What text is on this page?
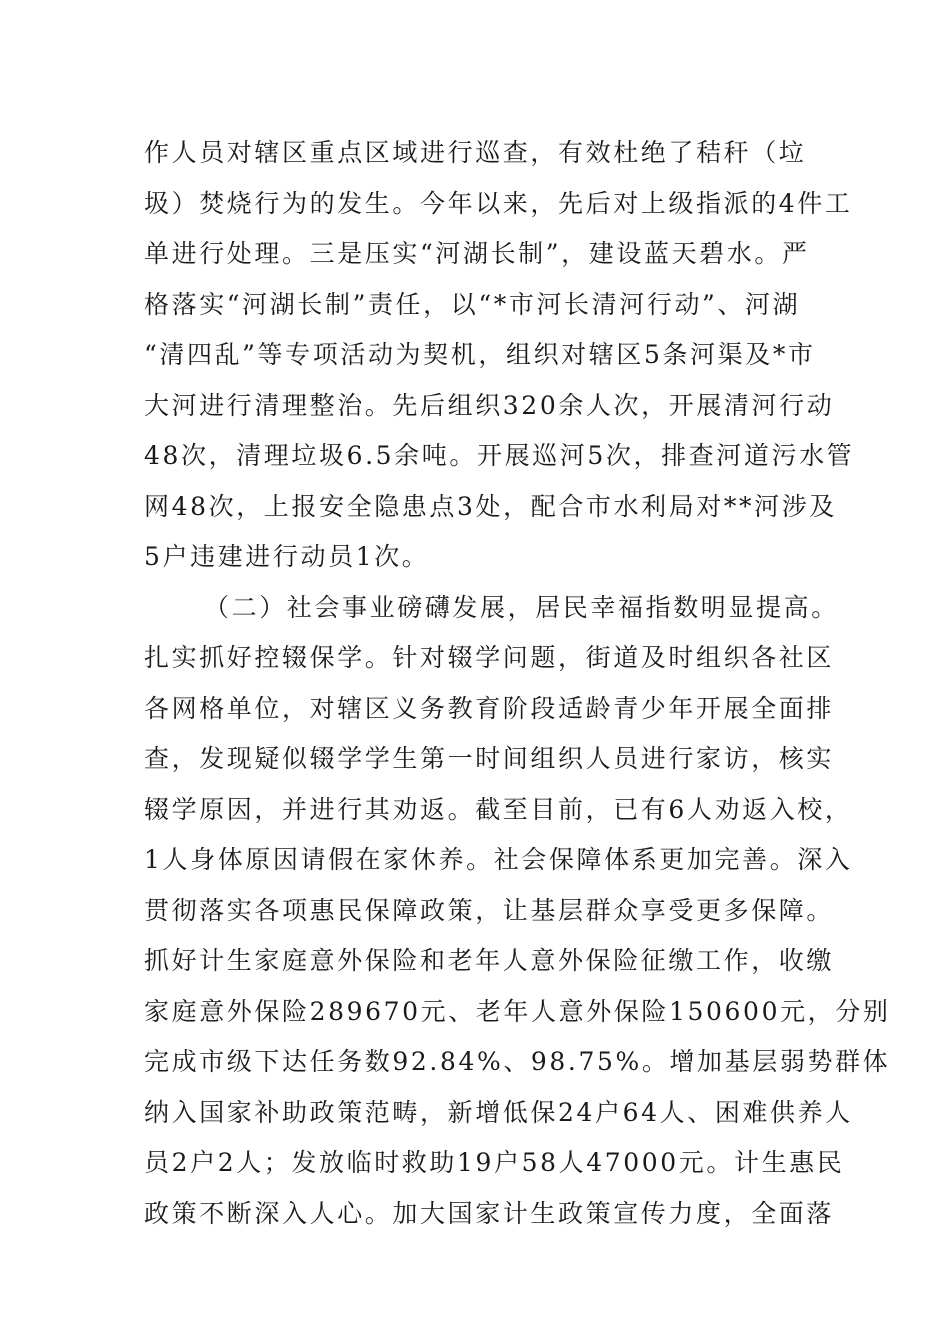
作人员对辖区重点区域进行巡查，有效杜绝了秸秆（垃
圾）焚烧行为的发生。今年以来，先后对上级指派的4件工
单进行处理。三是压实“河湖长制”，建设蓝天碧水。严
格落实“河湖长制”责任，以“*市河长清河行动”、河湖
“清四乱”等专项活动为契机，组织对辖区5条河渠及*市
大河进行清理整治。先后组织320余人次，开展清河行动
48次，清理垃圾6.5余吨。开展巡河5次，排查河道污水管
网48次，上报安全隐患点3处，配合市水利局对**河涉及
5户违建进行动员1次。
（二）社会事业磅礴发展，居民幸福指数明显提高。
扎实抓好控辍保学。针对辍学问题，街道及时组织各社区
各网格单位，对辖区义务教育阶段适龄青少年开展全面排
查，发现疑似辍学学生第一时间组织人员进行家访，核实
辍学原因，并进行其劝返。截至目前，已有6人劝返入校，
1人身体原因请假在家休养。社会保障体系更加完善。深入
贯彻落实各项惠民保障政策，让基层群众享受更多保障。
抓好计生家庭意外保险和老年人意外保险征缴工作，收缴
家庭意外保险289670元、老年人意外保险150600元，分别
完成市级下达任务数92.84%、98.75%。增加基层弱势群体
纳入国家补助政策范畴，新增低保24户64人、困难供养人
员2户2人；发放临时救助19户58人47000元。计生惠民
政策不断深入人心。加大国家计生政策宣传力度，全面落
